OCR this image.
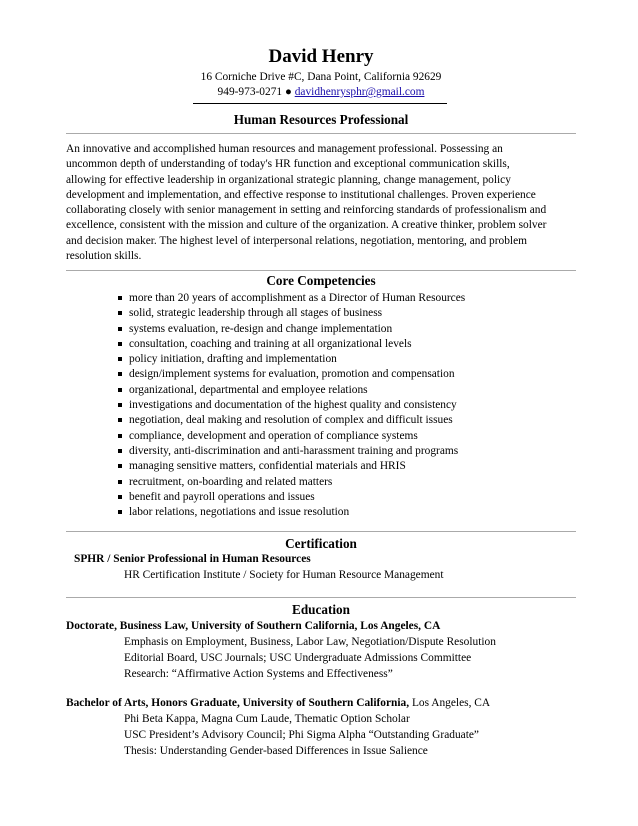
David Henry
16 Corniche Drive #C, Dana Point, California 92629
949-973-0271 ● davidhenrysphr@gmail.com
Human Resources Professional
An innovative and accomplished human resources and management professional. Possessing an
uncommon depth of understanding of today's HR function and exceptional communication skills,
allowing for effective leadership in organizational strategic planning, change management, policy
development and implementation, and effective response to institutional challenges. Proven experience
collaborating closely with senior management in setting and reinforcing standards of professionalism and
excellence, consistent with the mission and culture of the organization. A creative thinker, problem solver
and decision maker. The highest level of interpersonal relations, negotiation, mentoring, and problem
resolution skills.
Core Competencies
more than 20 years of accomplishment as a Director of Human Resources
solid, strategic leadership through all stages of business
systems evaluation, re-design and change implementation
consultation, coaching and training at all organizational levels
policy initiation, drafting and implementation
design/implement systems for evaluation, promotion and compensation
organizational, departmental and employee relations
investigations and documentation of the highest quality and consistency
negotiation, deal making and resolution of complex and difficult issues
compliance, development and operation of compliance systems
diversity, anti-discrimination and anti-harassment training and programs
managing sensitive matters, confidential materials and HRIS
recruitment, on-boarding and related matters
benefit and payroll operations and issues
labor relations, negotiations and issue resolution
Certification
SPHR / Senior Professional in Human Resources
HR Certification Institute / Society for Human Resource Management
Education
Doctorate, Business Law, University of Southern California, Los Angeles, CA
Emphasis on Employment, Business, Labor Law, Negotiation/Dispute Resolution
Editorial Board, USC Journals; USC Undergraduate Admissions Committee
Research: “Affirmative Action Systems and Effectiveness”
Bachelor of Arts, Honors Graduate, University of Southern California, Los Angeles, CA
Phi Beta Kappa, Magna Cum Laude, Thematic Option Scholar
USC President’s Advisory Council; Phi Sigma Alpha “Outstanding Graduate”
Thesis: Understanding Gender-based Differences in Issue Salience
